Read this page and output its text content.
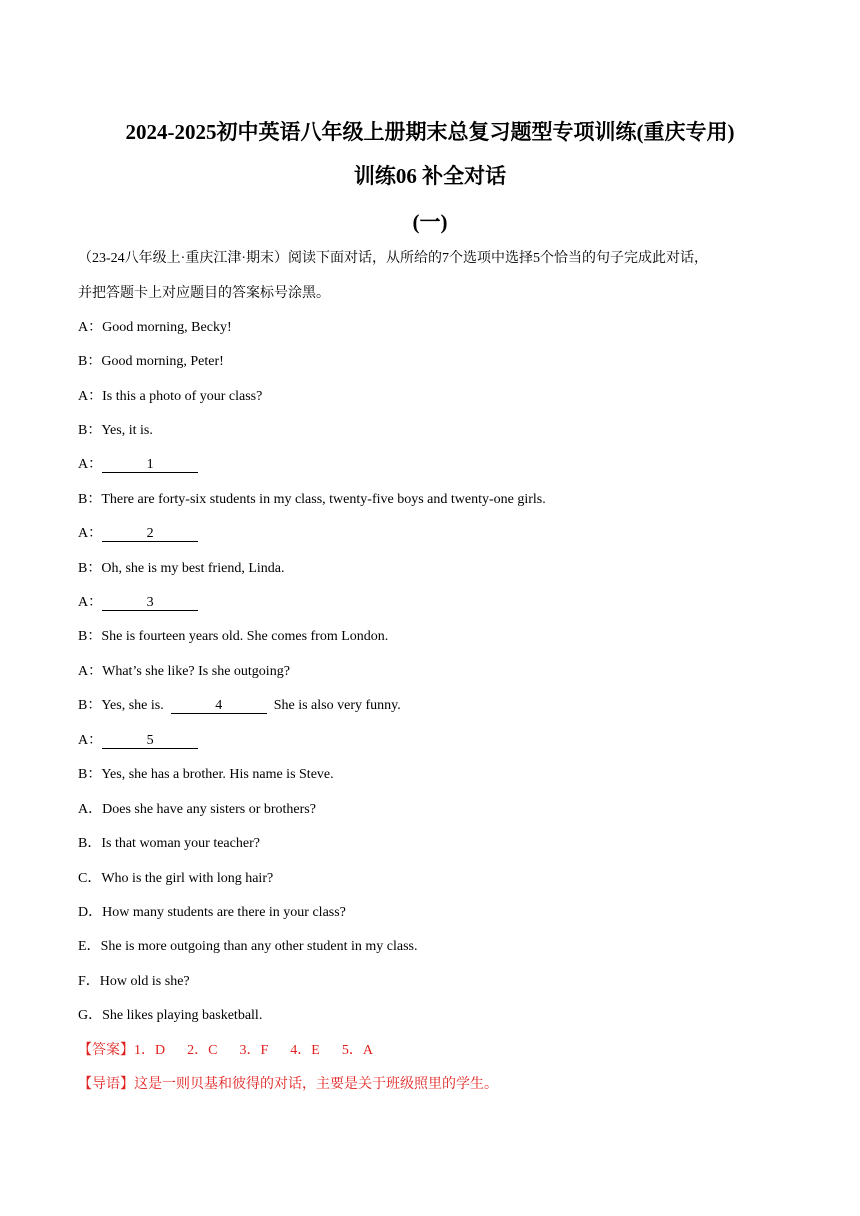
2024-2025初中英语八年级上册期末总复习题型专项训练(重庆专用)
训练06 补全对话
(一)
（23-24八年级上·重庆江津·期末）阅读下面对话，从所给的7个选项中选择5个恰当的句子完成此对话，
并把答题卡上对应题目的答案标号涂黑。
A：Good morning, Becky!
B：Good morning, Peter!
A：Is this a photo of your class?
B：Yes, it is.
A：	1
B：There are forty-six students in my class, twenty-five boys and twenty-one girls.
A：	2
B：Oh, she is my best friend, Linda.
A：	3
B：She is fourteen years old. She comes from London.
A：What’s she like? Is she outgoing?
B：Yes, she is.	4	She is also very funny.
A：	5
B：Yes, she has a brother. His name is Steve.
A．Does she have any sisters or brothers?
B．Is that woman your teacher?
C．Who is the girl with long hair?
D．How many students are there in your class?
E．She is more outgoing than any other student in my class.
F．How old is she?
G．She likes playing basketball.
【答案】1．D 2．C 3．F 4．E 5．A
【导语】这是一则贝基和彼得的对话，主要是关于班级照里的学生。
